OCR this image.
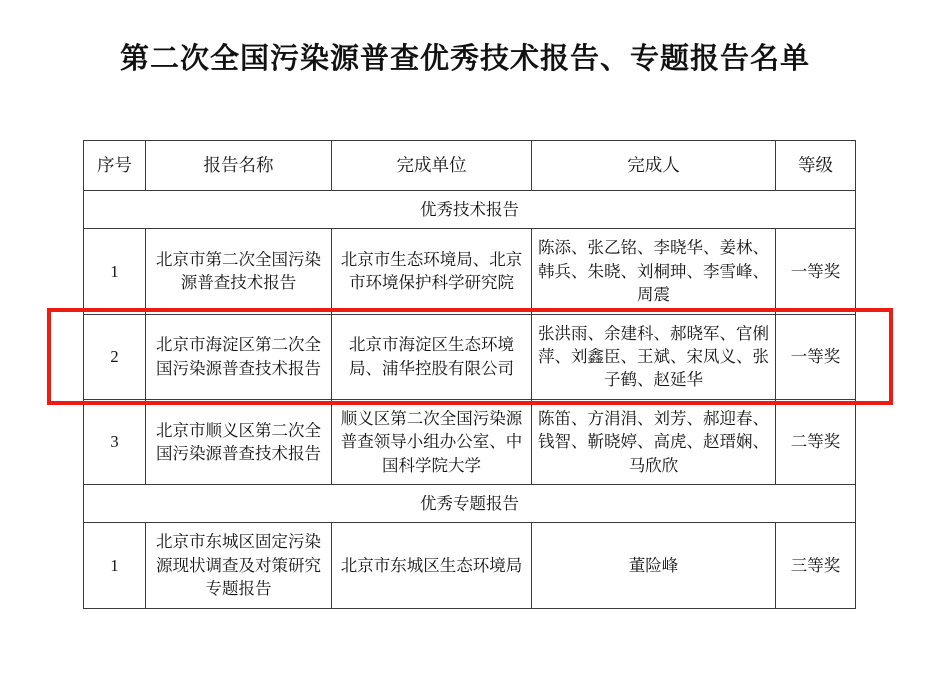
第二次全国污染源普查优秀技术报告、专题报告名单
序号	报告名称	完成单位	完成人	等级
优秀技术报告				
1	北京市第二次全国污染源普查技术报告	北京市生态环境局、北京市环境保护科学研究院	陈添、张乙铭、李晓华、姜林、韩兵、朱晓、刘桐珅、李雪峰、周震	一等奖
2	北京市海淀区第二次全国污染源普查技术报告	北京市海淀区生态环境局、浦华控股有限公司	张洪雨、余建科、郝晓军、官俐萍、刘鑫臣、王斌、宋凤义、张子鹤、赵延华	一等奖
3	北京市顺义区第二次全国污染源普查技术报告	顺义区第二次全国污染源普查领导小组办公室、中国科学院大学	陈笛、方涓涓、刘芳、郝迎春、钱智、靳晓婷、高虎、赵瑨娴、马欣欣	二等奖
优秀专题报告				
1	北京市东城区固定污染源现状调查及对策研究专题报告	北京市东城区生态环境局	董险峰	三等奖
